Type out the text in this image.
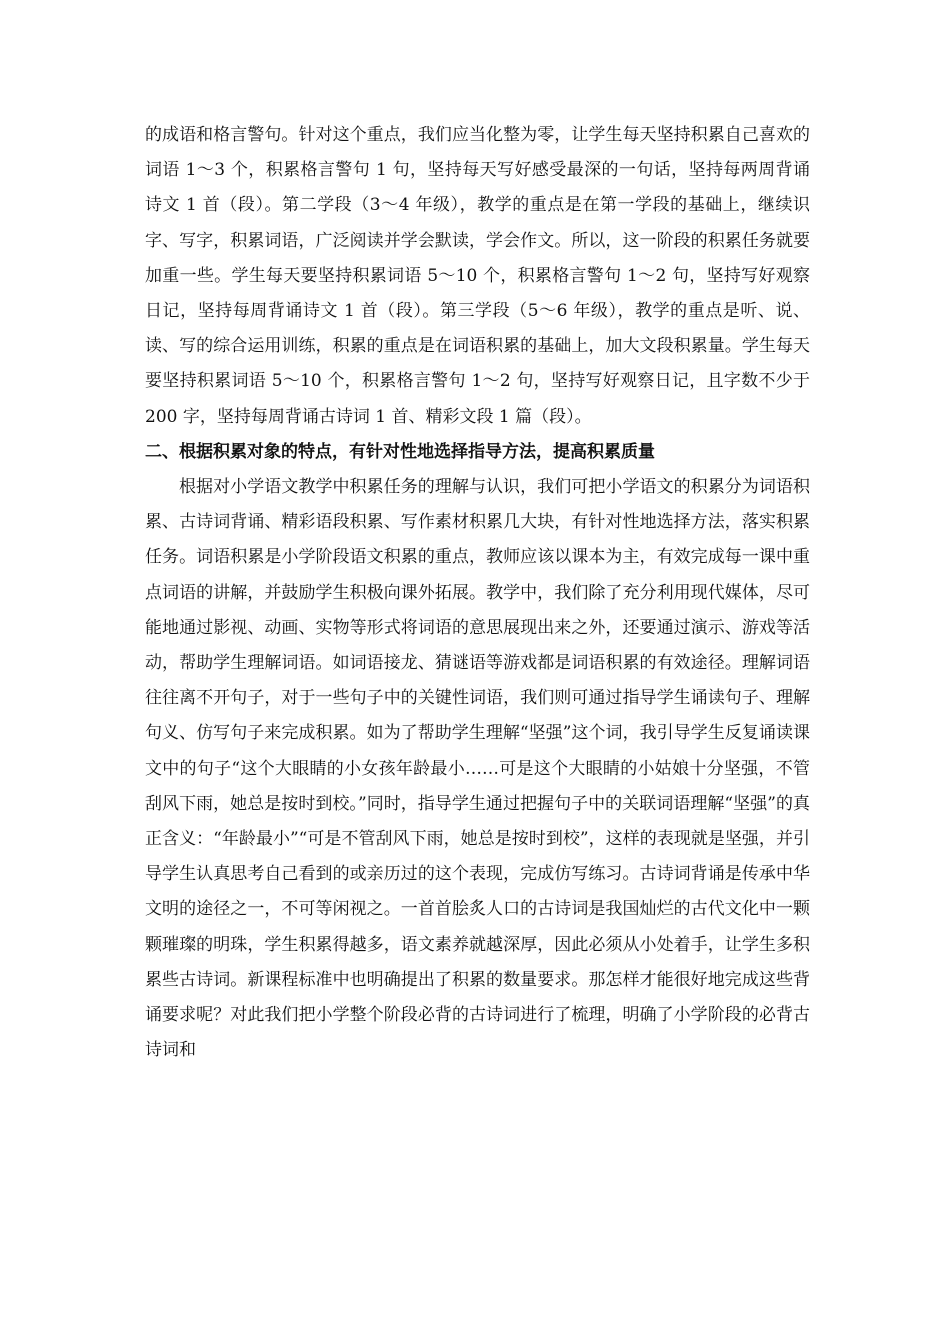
的成语和格言警句。针对这个重点，我们应当化整为零，让学生每天坚持积累自己喜欢的词语 1～3 个，积累格言警句 1 句，坚持每天写好感受最深的一句话，坚持每两周背诵诗文 1 首（段）。第二学段（3～4 年级），教学的重点是在第一学段的基础上，继续识字、写字，积累词语，广泛阅读并学会默读，学会作文。所以，这一阶段的积累任务就要加重一些。学生每天要坚持积累词语 5～10 个，积累格言警句 1～2 句，坚持写好观察日记，坚持每周背诵诗文 1 首（段）。第三学段（5～6 年级），教学的重点是听、说、读、写的综合运用训练，积累的重点是在词语积累的基础上，加大文段积累量。学生每天要坚持积累词语 5～10 个，积累格言警句 1～2 句，坚持写好观察日记，且字数不少于 200 字，坚持每周背诵古诗词 1 首、精彩文段 1 篇（段）。

二、根据积累对象的特点，有针对性地选择指导方法，提高积累质量

根据对小学语文教学中积累任务的理解与认识，我们可把小学语文的积累分为词语积累、古诗词背诵、精彩语段积累、写作素材积累几大块，有针对性地选择方法，落实积累任务。词语积累是小学阶段语文积累的重点，教师应该以课本为主，有效完成每一课中重点词语的讲解，并鼓励学生积极向课外拓展。教学中，我们除了充分利用现代媒体，尽可能地通过影视、动画、实物等形式将词语的意思展现出来之外，还要通过演示、游戏等活动，帮助学生理解词语。如词语接龙、猜谜语等游戏都是词语积累的有效途径。理解词语往往离不开句子，对于一些句子中的关键性词语，我们则可通过指导学生诵读句子、理解句义、仿写句子来完成积累。如为了帮助学生理解“坚强”这个词，我引导学生反复诵读课文中的句子“这个大眼睛的小女孩年龄最小……可是这个大眼睛的小姑娘十分坚强，不管刮风下雨，她总是按时到校。”同时，指导学生通过把握句子中的关联词语理解“坚强”的真正含义：“年龄最小”“可是不管刮风下雨，她总是按时到校”，这样的表现就是坚强，并引导学生认真思考自己看到的或亲历过的这个表现，完成仿写练习。古诗词背诵是传承中华文明的途径之一，不可等闲视之。一首首脍炙人口的古诗词是我国灿烂的古代文化中一颗颗璀璨的明珠，学生积累得越多，语文素养就越深厚，因此必须从小处着手，让学生多积累些古诗词。新课程标准中也明确提出了积累的数量要求。那怎样才能很好地完成这些背诵要求呢？对此我们把小学整个阶段必背的古诗词进行了梳理，明确了小学阶段的必背古诗词和
